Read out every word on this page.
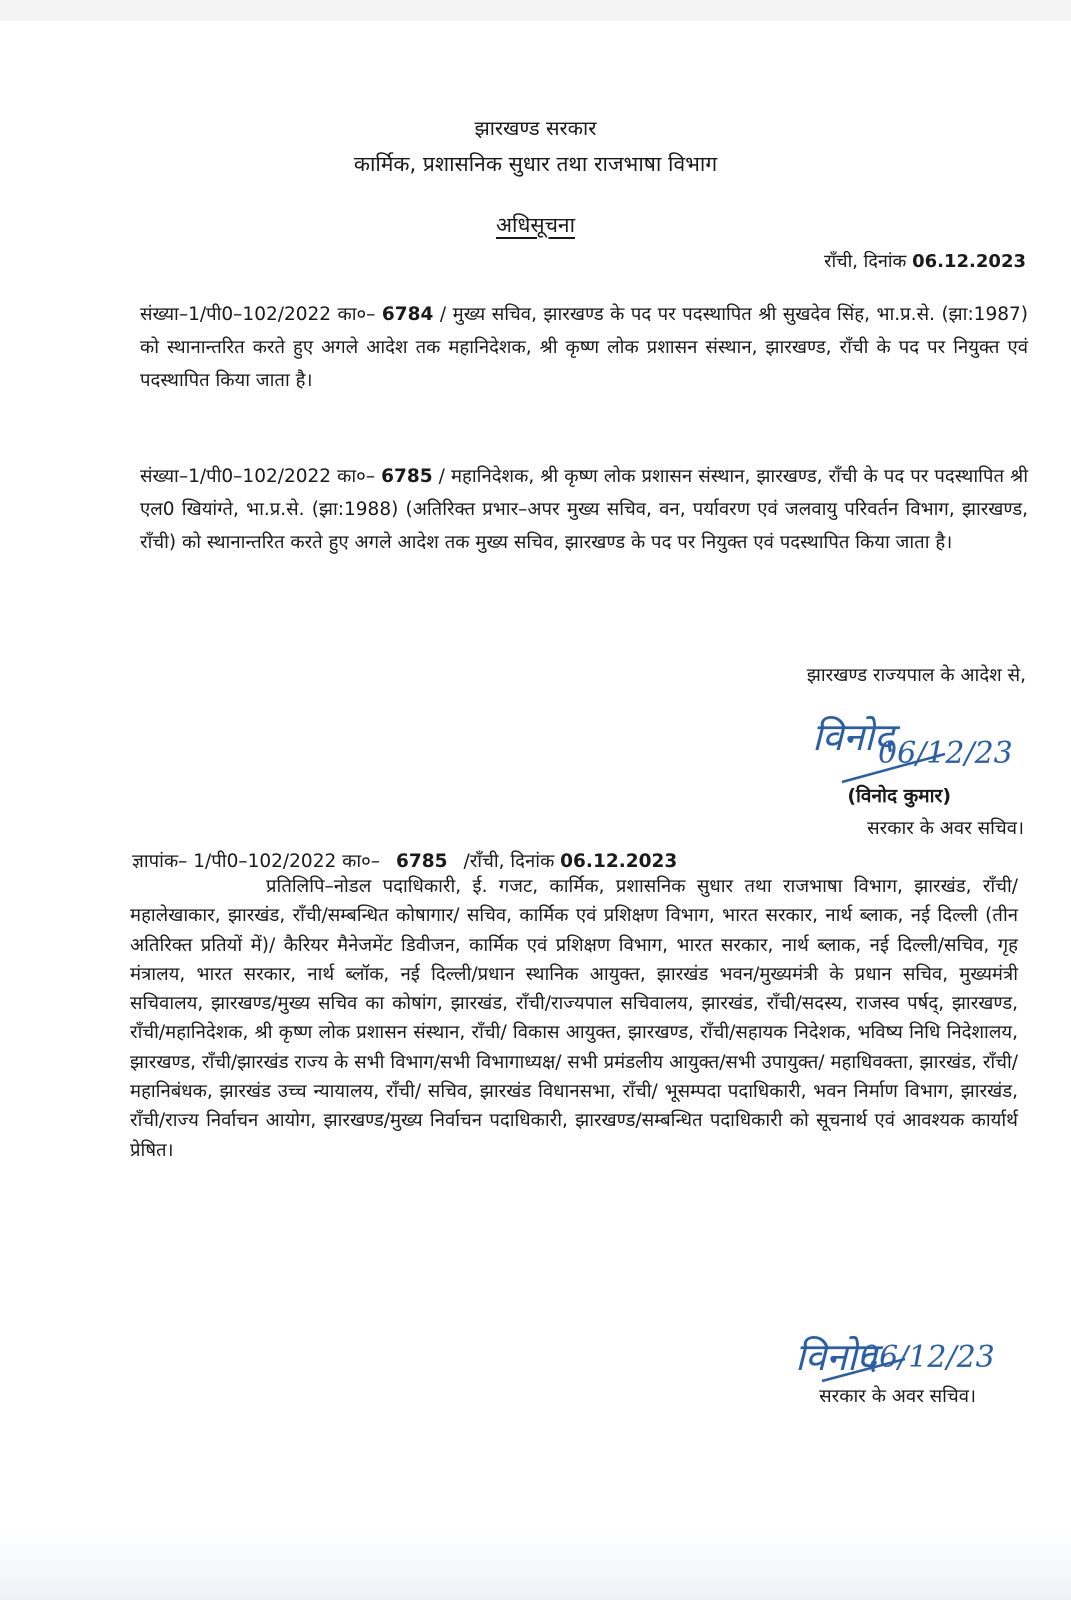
झारखण्ड सरकार
कार्मिक, प्रशासनिक सुधार तथा राजभाषा विभाग
अधिसूचना
राँची, दिनांक 06.12.2023
संख्या–1/पी0–102/2022 का०– 6784 / मुख्य सचिव, झारखण्ड के पद पर पदस्थापित श्री सुखदेव सिंह, भा.प्र.से. (झा:1987) को स्थानान्तरित करते हुए अगले आदेश तक महानिदेशक, श्री कृष्ण लोक प्रशासन संस्थान, झारखण्ड, राँची के पद पर नियुक्त एवं पदस्थापित किया जाता है।
संख्या–1/पी0–102/2022 का०– 6785 / महानिदेशक, श्री कृष्ण लोक प्रशासन संस्थान, झारखण्ड, राँची के पद पर पदस्थापित श्री एल0 खियांग्ते, भा.प्र.से. (झा:1988) (अतिरिक्त प्रभार–अपर मुख्य सचिव, वन, पर्यावरण एवं जलवायु परिवर्तन विभाग, झारखण्ड, राँची) को स्थानान्तरित करते हुए अगले आदेश तक मुख्य सचिव, झारखण्ड के पद पर नियुक्त एवं पदस्थापित किया जाता है।
झारखण्ड राज्यपाल के आदेश से,
विनोद
06/12/23
(विनोद कुमार)
सरकार के अवर सचिव।
ज्ञापांक– 1/पी0–102/2022 का०– 6785 /राँची, दिनांक 06.12.2023
प्रतिलिपि–नोडल पदाधिकारी, ई. गजट, कार्मिक, प्रशासनिक सुधार तथा राजभाषा विभाग, झारखंड, राँची/महालेखाकार, झारखंड, राँची/सम्बन्धित कोषागार/ सचिव, कार्मिक एवं प्रशिक्षण विभाग, भारत सरकार, नार्थ ब्लाक, नई दिल्ली (तीन अतिरिक्त प्रतियों में)/ कैरियर मैनेजमेंट डिवीजन, कार्मिक एवं प्रशिक्षण विभाग, भारत सरकार, नार्थ ब्लाक, नई दिल्ली/सचिव, गृह मंत्रालय, भारत सरकार, नार्थ ब्लॉक, नई दिल्ली/प्रधान स्थानिक आयुक्त, झारखंड भवन/मुख्यमंत्री के प्रधान सचिव, मुख्यमंत्री सचिवालय, झारखण्ड/मुख्य सचिव का कोषांग, झारखंड, राँची/राज्यपाल सचिवालय, झारखंड, राँची/सदस्य, राजस्व पर्षद्, झारखण्ड, राँची/महानिदेशक, श्री कृष्ण लोक प्रशासन संस्थान, राँची/ विकास आयुक्त, झारखण्ड, राँची/सहायक निदेशक, भविष्य निधि निदेशालय, झारखण्ड, राँची/झारखंड राज्य के सभी विभाग/सभी विभागाध्यक्ष/ सभी प्रमंडलीय आयुक्त/सभी उपायुक्त/ महाधिवक्ता, झारखंड, राँची/महानिबंधक, झारखंड उच्च न्यायालय, राँची/ सचिव, झारखंड विधानसभा, राँची/ भूसम्पदा पदाधिकारी, भवन निर्माण विभाग, झारखंड, राँची/राज्य निर्वाचन आयोग, झारखण्ड/मुख्य निर्वाचन पदाधिकारी, झारखण्ड/सम्बन्धित पदाधिकारी को सूचनार्थ एवं आवश्यक कार्यार्थ प्रेषित।
विनोद
06/12/23
सरकार के अवर सचिव।
